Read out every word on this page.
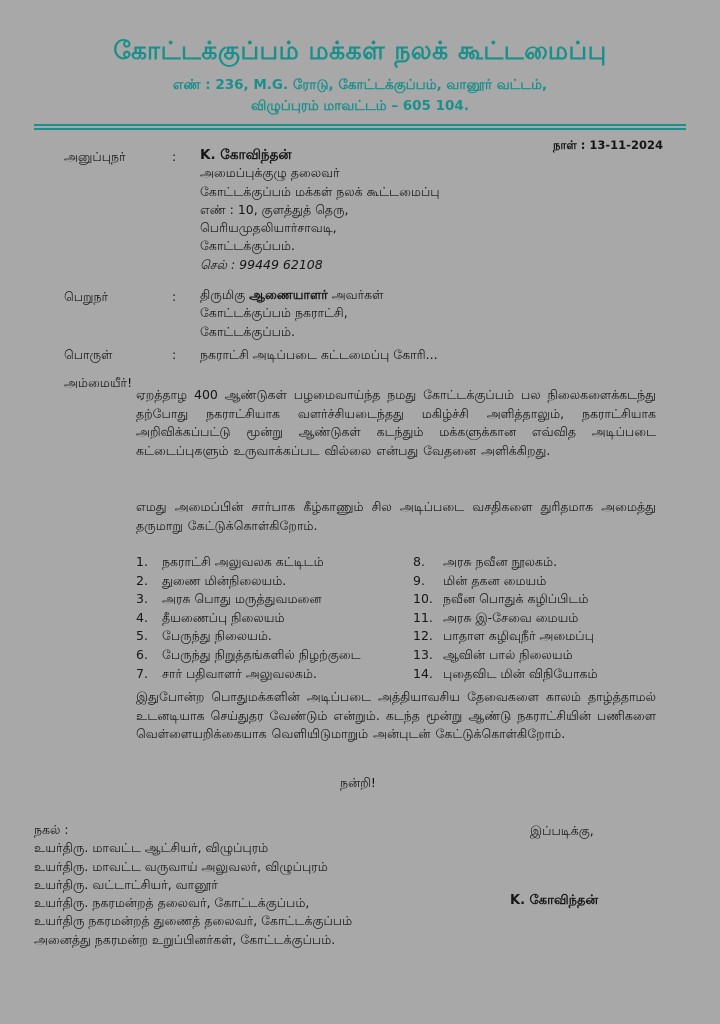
கோட்டக்குப்பம் மக்கள் நலக் கூட்டமைப்பு
எண் : 236, M.G. ரோடு, கோட்டக்குப்பம், வானூர் வட்டம்,
விழுப்புரம் மாவட்டம் – 605 104.
நாள் : 13-11-2024
அனுப்புநர்	: K. கோவிந்தன்
அமைப்புக்குழு தலைவர்
கோட்டக்குப்பம் மக்கள் நலக் கூட்டமைப்பு
எண் : 10, குளத்துத் தெரு,
பெரியமுதலியார்சாவடி,
கோட்டக்குப்பம்.
செல் : 99449 62108
பெறுநர்	: திருமிகு ஆணையாளர் அவர்கள்
கோட்டக்குப்பம் நகராட்சி,
கோட்டக்குப்பம்.
பொருள்	: நகராட்சி அடிப்படை கட்டமைப்பு கோரி...
அம்மையீர்!
ஏறத்தாழ 400 ஆண்டுகள் பழமைவாய்ந்த நமது கோட்டக்குப்பம் பல நிலைகளைக்கடந்து தற்போது நகராட்சியாக வளர்ச்சியடைந்தது மகிழ்ச்சி அளித்தாலும், நகராட்சியாக அறிவிக்கப்பட்டு மூன்று ஆண்டுகள் கடந்தும் மக்களுக்கான எவ்வித அடிப்படை கட்டைப்புகளும் உருவாக்கப்பட வில்லை என்பது வேதனை அளிக்கிறது.
எமது அமைப்பின் சார்பாக கீழ்காணும் சில அடிப்படை வசதிகளை துரிதமாக அமைத்து தருமாறு கேட்டுக்கொள்கிறோம்.
1. நகராட்சி அலுவலக கட்டிடம்
2. துணை மின்நிலையம்.
3. அரசு பொது மருத்துவமனை
4. தீயணைப்பு நிலையம்
5. பேருந்து நிலையம்.
6. பேருந்து நிறுத்தங்களில் நிழற்குடை
7. சார் பதிவாளர் அலுவலகம்.
8. அரசு நவீன நூலகம்.
9. மின் தகன மையம்
10. நவீன பொதுக் கழிப்பிடம்
11. அரசு இ-சேவை மையம்
12. பாதாள கழிவுநீர் அமைப்பு
13. ஆவின் பால் நிலையம்
14. புதைவிட மின் விநியோகம்
இதுபோன்ற பொதுமக்களின் அடிப்படை அத்தியாவசிய தேவைகளை காலம் தாழ்த்தாமல் உடனடியாக செய்துதர வேண்டும் என்றும். கடந்த மூன்று ஆண்டு நகராட்சியின் பணிகளை வெள்ளையறிக்கையாக வெளியிடுமாறும் அன்புடன் கேட்டுக்கொள்கிறோம்.
நன்றி!
நகல் :
உயர்திரு. மாவட்ட ஆட்சியர், விழுப்புரம்
உயர்திரு. மாவட்ட வருவாய் அலுவலர், விழுப்புரம்
உயர்திரு. வட்டாட்சியர், வானூர்
உயர்திரு. நகரமன்றத் தலைவர், கோட்டக்குப்பம்,
உயர்திரு நகரமன்றத் துணைத் தலைவர், கோட்டக்குப்பம்
அனைத்து நகரமன்ற உறுப்பினர்கள், கோட்டக்குப்பம்.
இப்படிக்கு,
K. கோவிந்தன்
